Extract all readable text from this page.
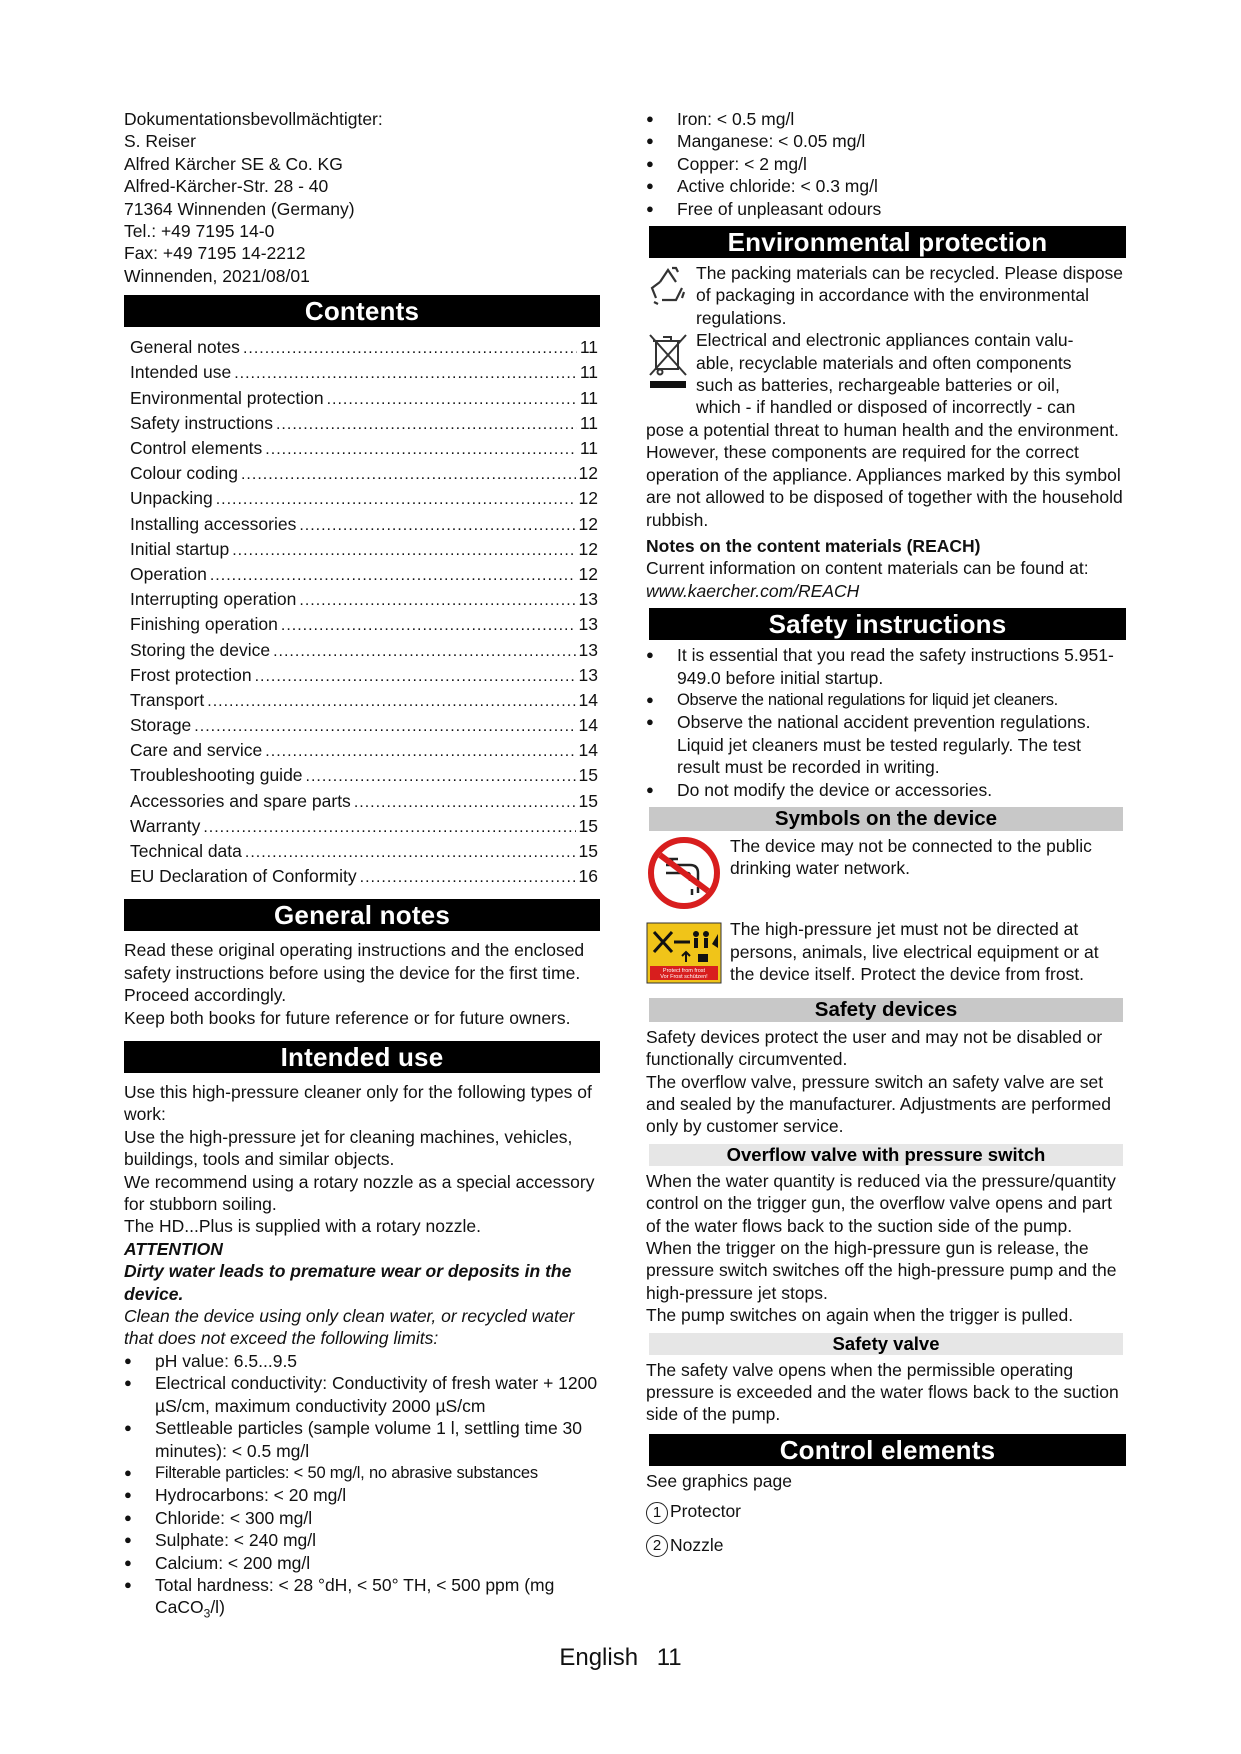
Dokumentationsbevollmächtigter:

S. Reiser

Alfred Kärcher SE & Co. KG

Alfred-Kärcher-Str. 28 - 40

71364 Winnenden (Germany)

Tel.: +49 7195 14-0

Fax: +49 7195 14-2212

Winnenden, 2021/08/01

Contents
General notes .....	11
Intended use .....	11
Environmental protection .....	11
Safety instructions .....	11
Control elements .....	11
Colour coding .....	12
Unpacking .....	12
Installing accessories .....	12
Initial startup .....	12
Operation .....	12
Interrupting operation .....	13
Finishing operation .....	13
Storing the device .....	13
Frost protection .....	13
Transport .....	14
Storage .....	14
Care and service .....	14
Troubleshooting guide .....	15
Accessories and spare parts .....	15
Warranty .....	15
Technical data .....	15
EU Declaration of Conformity .....	16
General notes

Read these original operating instructions and the enclosed safety instructions before using the device for the first time. Proceed accordingly.

Keep both books for future reference or for future owners.

Intended use

Use this high-pressure cleaner only for the following types of work:

Use the high-pressure jet for cleaning machines, vehicles, buildings, tools and similar objects.

We recommend using a rotary nozzle as a special accessory for stubborn soiling.

The HD...Plus is supplied with a rotary nozzle.

ATTENTION

Dirty water leads to premature wear or deposits in the device.

Clean the device using only clean water, or recycled water that does not exceed the following limits:

● pH value: 6.5...9.5
● Electrical conductivity: Conductivity of fresh water + 1200 µS/cm, maximum conductivity 2000 µS/cm
● Settleable particles (sample volume 1 l, settling time 30 minutes): < 0.5 mg/l
● Filterable particles: < 50 mg/l, no abrasive substances
● Hydrocarbons: < 20 mg/l
● Chloride: < 300 mg/l
● Sulphate: < 240 mg/l
● Calcium: < 200 mg/l
● Total hardness: < 28 °dH, < 50° TH, < 500 ppm (mg CaCO$_3$/l)
● Iron: < 0.5 mg/l
● Manganese: < 0.05 mg/l
● Copper: < 2 mg/l
● Active chloride: < 0.3 mg/l
● Free of unpleasant odours
Environmental protection

The packing materials can be recycled. Please dispose of packaging in accordance with the environmental regulations.

Electrical and electronic appliances contain valu-

able, recyclable materials and often components

such as batteries, rechargeable batteries or oil,

which - if handled or disposed of incorrectly - can

pose a potential threat to human health and the environment. However, these components are required for the correct operation of the appliance. Appliances marked by this symbol are not allowed to be disposed of together with the household rubbish.

Notes on the content materials (REACH)

Current information on content materials can be found at: www.kaercher.com/REACH

Safety instructions
● It is essential that you read the safety instructions 5.951-949.0 before initial startup.
● Observe the national regulations for liquid jet cleaners.
● Observe the national accident prevention regulations. Liquid jet cleaners must be tested regularly. The test result must be recorded in writing.
● Do not modify the device or accessories.
Symbols on the device

The device may not be connected to the public drinking water network.

Protect from frost
Vor Frost schützen!

The high-pressure jet must not be directed at persons, animals, live electrical equipment or at the device itself. Protect the device from frost.

Safety devices

Safety devices protect the user and may not be disabled or functionally circumvented.

The overflow valve, pressure switch an safety valve are set and sealed by the manufacturer. Adjustments are performed only by customer service.

Overflow valve with pressure switch

When the water quantity is reduced via the pressure/quantity control on the trigger gun, the overflow valve opens and part of the water flows back to the suction side of the pump.

When the trigger on the high-pressure gun is release, the pressure switch switches off the high-pressure pump and the high-pressure jet stops.

The pump switches on again when the trigger is pulled.

Safety valve

The safety valve opens when the permissible operating pressure is exceeded and the water flows back to the suction side of the pump.

Control elements

See graphics page

1 Protector
2 Nozzle
English 11
